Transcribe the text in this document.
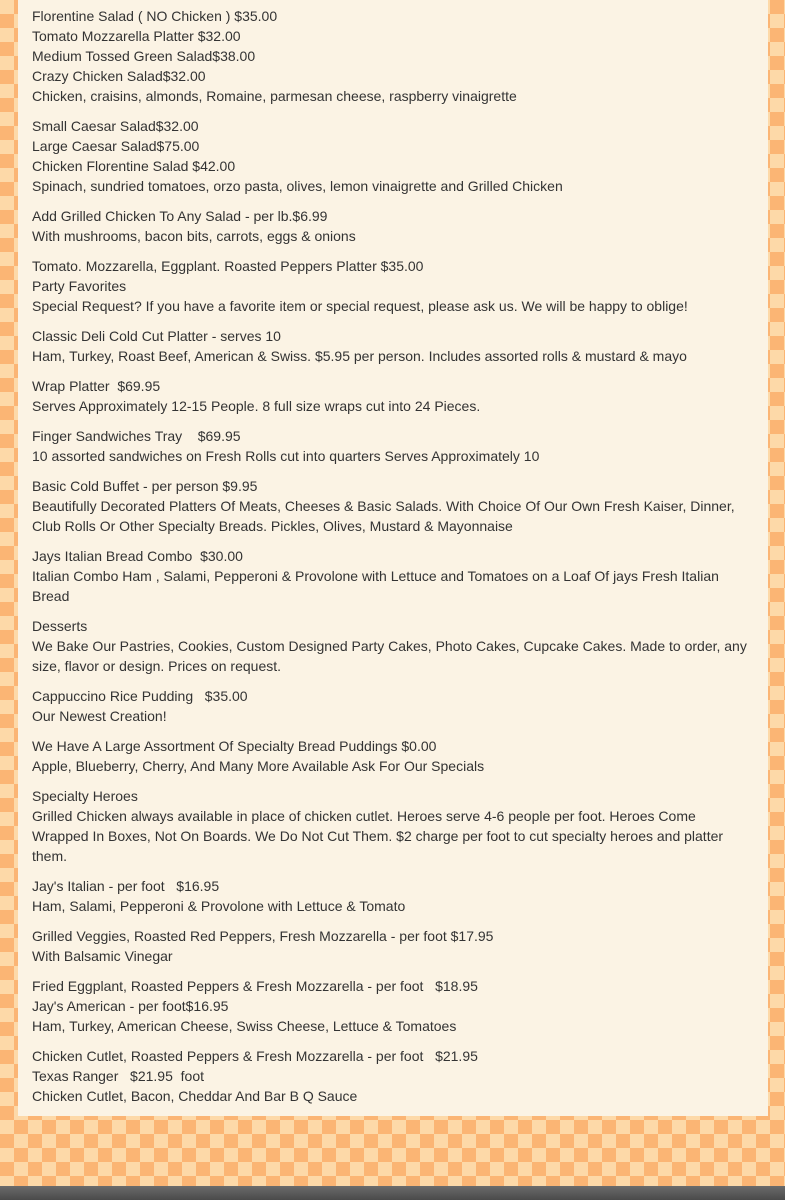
Florentine Salad ( NO Chicken ) $35.00

Tomato Mozzarella Platter $32.00

Medium Tossed Green Salad$38.00

Crazy Chicken Salad$32.00

Chicken, craisins, almonds, Romaine, parmesan cheese, raspberry vinaigrette

Small Caesar Salad$32.00

Large Caesar Salad$75.00

Chicken Florentine Salad $42.00

Spinach, sundried tomatoes, orzo pasta, olives, lemon vinaigrette and Grilled Chicken

Add Grilled Chicken To Any Salad - per lb.$6.99

With mushrooms, bacon bits, carrots, eggs & onions

Tomato. Mozzarella, Eggplant. Roasted Peppers Platter $35.00

Party Favorites

Special Request? If you have a favorite item or special request, please ask us. We will be happy to oblige!

Classic Deli Cold Cut Platter - serves 10

Ham, Turkey, Roast Beef, American & Swiss. $5.95 per person. Includes assorted rolls & mustard & mayo

Wrap Platter  $69.95

Serves Approximately 12-15 People. 8 full size wraps cut into 24 Pieces.

Finger Sandwiches Tray    $69.95

10 assorted sandwiches on Fresh Rolls cut into quarters Serves Approximately 10

Basic Cold Buffet - per person $9.95

Beautifully Decorated Platters Of Meats, Cheeses & Basic Salads. With Choice Of Our Own Fresh Kaiser, Dinner, Club Rolls Or Other Specialty Breads. Pickles, Olives, Mustard & Mayonnaise

Jays Italian Bread Combo  $30.00

Italian Combo Ham , Salami, Pepperoni & Provolone with Lettuce and Tomatoes on a Loaf Of jays Fresh Italian Bread

Desserts

We Bake Our Pastries, Cookies, Custom Designed Party Cakes, Photo Cakes, Cupcake Cakes. Made to order, any size, flavor or design. Prices on request.

Cappuccino Rice Pudding   $35.00

Our Newest Creation!

We Have A Large Assortment Of Specialty Bread Puddings $0.00

Apple, Blueberry, Cherry, And Many More Available Ask For Our Specials

Specialty Heroes

Grilled Chicken always available in place of chicken cutlet. Heroes serve 4-6 people per foot. Heroes Come Wrapped In Boxes, Not On Boards. We Do Not Cut Them. $2 charge per foot to cut specialty heroes and platter them.

Jay's Italian - per foot   $16.95

Ham, Salami, Pepperoni & Provolone with Lettuce & Tomato

Grilled Veggies, Roasted Red Peppers, Fresh Mozzarella - per foot $17.95

With Balsamic Vinegar

Fried Eggplant, Roasted Peppers & Fresh Mozzarella - per foot   $18.95

Jay's American - per foot$16.95

Ham, Turkey, American Cheese, Swiss Cheese, Lettuce & Tomatoes

Chicken Cutlet, Roasted Peppers & Fresh Mozzarella - per foot   $21.95

Texas Ranger   $21.95  foot

Chicken Cutlet, Bacon, Cheddar And Bar B Q Sauce
